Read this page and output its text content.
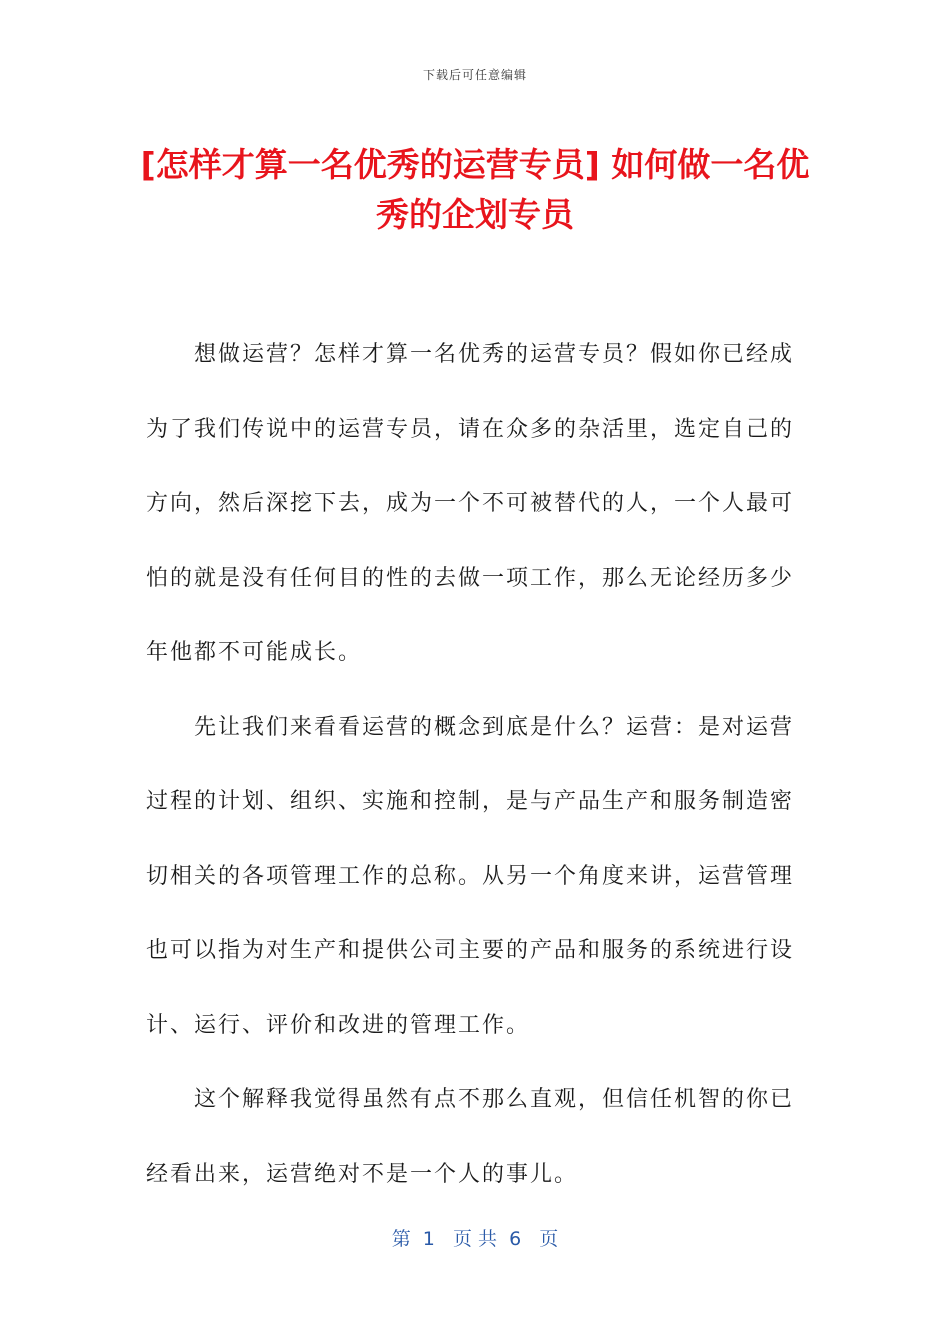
下载后可任意编辑
[怎样才算一名优秀的运营专员] 如何做一名优秀的企划专员

想做运营？怎样才算一名优秀的运营专员？假如你已经成为了我们传说中的运营专员，请在众多的杂活里，选定自己的方向，然后深挖下去，成为一个不可被替代的人，一个人最可怕的就是没有任何目的性的去做一项工作，那么无论经历多少年他都不可能成长。

先让我们来看看运营的概念到底是什么？运营：是对运营过程的计划、组织、实施和控制，是与产品生产和服务制造密切相关的各项管理工作的总称。从另一个角度来讲，运营管理也可以指为对生产和提供公司主要的产品和服务的系统进行设计、运行、评价和改进的管理工作。

这个解释我觉得虽然有点不那么直观，但信任机智的你已经看出来，运营绝对不是一个人的事儿。

第  1   页 共  6   页
